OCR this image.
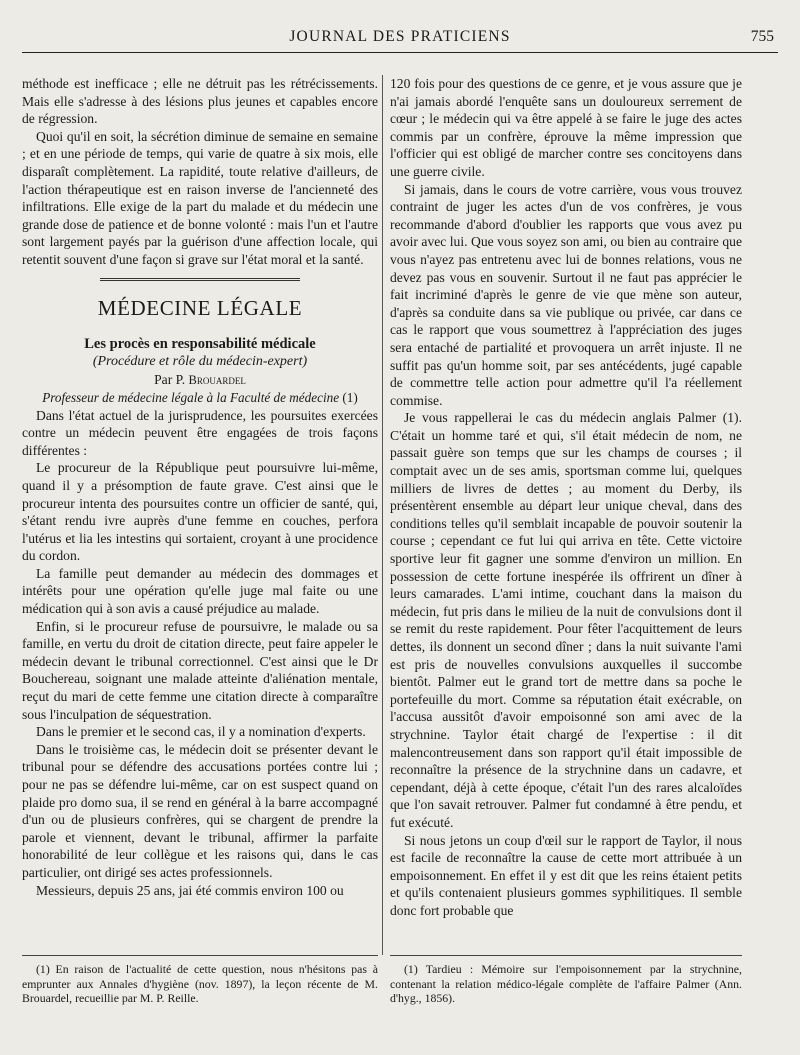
JOURNAL DES PRATICIENS	755

méthode est inefficace ; elle ne détruit pas les rétrécissements. Mais elle s'adresse à des lésions plus jeunes et capables encore de régression.

Quoi qu'il en soit, la sécrétion diminue de semaine en semaine ; et en une période de temps, qui varie de quatre à six mois, elle disparaît complètement. La rapidité, toute relative d'ailleurs, de l'action thérapeutique est en raison inverse de l'ancienneté des infiltrations. Elle exige de la part du malade et du médecin une grande dose de patience et de bonne volonté : mais l'un et l'autre sont largement payés par la guérison d'une affection locale, qui retentit souvent d'une façon si grave sur l'état moral et la santé.

MÉDECINE LÉGALE
Les procès en responsabilité médicale
(Procédure et rôle du médecin-expert)
Par P. Brouardel
Professeur de médecine légale à la Faculté de médecine (1)

Dans l'état actuel de la jurisprudence, les poursuites exercées contre un médecin peuvent être engagées de trois façons différentes :

Le procureur de la République peut poursuivre lui-même, quand il y a présomption de faute grave. C'est ainsi que le procureur intenta des poursuites contre un officier de santé, qui, s'étant rendu ivre auprès d'une femme en couches, perfora l'utérus et lia les intestins qui sortaient, croyant à une procidence du cordon.

La famille peut demander au médecin des dommages et intérêts pour une opération qu'elle juge mal faite ou une médication qui à son avis a causé préjudice au malade.

Enfin, si le procureur refuse de poursuivre, le malade ou sa famille, en vertu du droit de citation directe, peut faire appeler le médecin devant le tribunal correctionnel. C'est ainsi que le Dr Bouchereau, soignant une malade atteinte d'aliénation mentale, reçut du mari de cette femme une citation directe à comparaître sous l'inculpation de séquestration.

Dans le premier et le second cas, il y a nomination d'experts.

Dans le troisième cas, le médecin doit se présenter devant le tribunal pour se défendre des accusations portées contre lui ; pour ne pas se défendre lui-même, car on est suspect quand on plaide pro domo sua, il se rend en général à la barre accompagné d'un ou de plusieurs confrères, qui se chargent de prendre la parole et viennent, devant le tribunal, affirmer la parfaite honorabilité de leur collègue et les raisons qui, dans le cas particulier, ont dirigé ses actes professionnels.

Messieurs, depuis 25 ans, jai été commis environ 100 ou

120 fois pour des questions de ce genre, et je vous assure que je n'ai jamais abordé l'enquête sans un douloureux serrement de cœur ; le médecin qui va être appelé à se faire le juge des actes commis par un confrère, éprouve la même impression que l'officier qui est obligé de marcher contre ses concitoyens dans une guerre civile.

Si jamais, dans le cours de votre carrière, vous vous trouvez contraint de juger les actes d'un de vos confrères, je vous recommande d'abord d'oublier les rapports que vous avez pu avoir avec lui. Que vous soyez son ami, ou bien au contraire que vous n'ayez pas entretenu avec lui de bonnes relations, vous ne devez pas vous en souvenir. Surtout il ne faut pas apprécier le fait incriminé d'après le genre de vie que mène son auteur, d'après sa conduite dans sa vie publique ou privée, car dans ce cas le rapport que vous soumettrez à l'appréciation des juges sera entaché de partialité et provoquera un arrêt injuste. Il ne suffit pas qu'un homme soit, par ses antécédents, jugé capable de commettre telle action pour admettre qu'il l'a réellement commise.

Je vous rappellerai le cas du médecin anglais Palmer (1). C'était un homme taré et qui, s'il était médecin de nom, ne passait guère son temps que sur les champs de courses ; il comptait avec un de ses amis, sportsman comme lui, quelques milliers de livres de dettes ; au moment du Derby, ils présentèrent ensemble au départ leur unique cheval, dans des conditions telles qu'il semblait incapable de pouvoir soutenir la course ; cependant ce fut lui qui arriva en tête. Cette victoire sportive leur fit gagner une somme d'environ un million. En possession de cette fortune inespérée ils offrirent un dîner à leurs camarades. L'ami intime, couchant dans la maison du médecin, fut pris dans le milieu de la nuit de convulsions dont il se remit du reste rapidement. Pour fêter l'acquittement de leurs dettes, ils donnent un second dîner ; dans la nuit suivante l'ami est pris de nouvelles convulsions auxquelles il succombe bientôt. Palmer eut le grand tort de mettre dans sa poche le portefeuille du mort. Comme sa réputation était exécrable, on l'accusa aussitôt d'avoir empoisonné son ami avec de la strychnine. Taylor était chargé de l'expertise : il dit malencontreusement dans son rapport qu'il était impossible de reconnaître la présence de la strychnine dans un cadavre, et cependant, déjà à cette époque, c'était l'un des rares alcaloïdes que l'on savait retrouver. Palmer fut condamné à être pendu, et fut exécuté.

Si nous jetons un coup d'œil sur le rapport de Taylor, il nous est facile de reconnaître la cause de cette mort attribuée à un empoisonnement. En effet il y est dit que les reins étaient petits et qu'ils contenaient plusieurs gommes syphilitiques. Il semble donc fort probable que

(1) En raison de l'actualité de cette question, nous n'hésitons pas à emprunter aux Annales d'hygiène (nov. 1897), la leçon récente de M. Brouardel, recueillie par M. P. Reille.

(1) Tardieu : Mémoire sur l'empoisonnement par la strychnine, contenant la relation médico-légale complète de l'affaire Palmer (Ann. d'hyg., 1856).
